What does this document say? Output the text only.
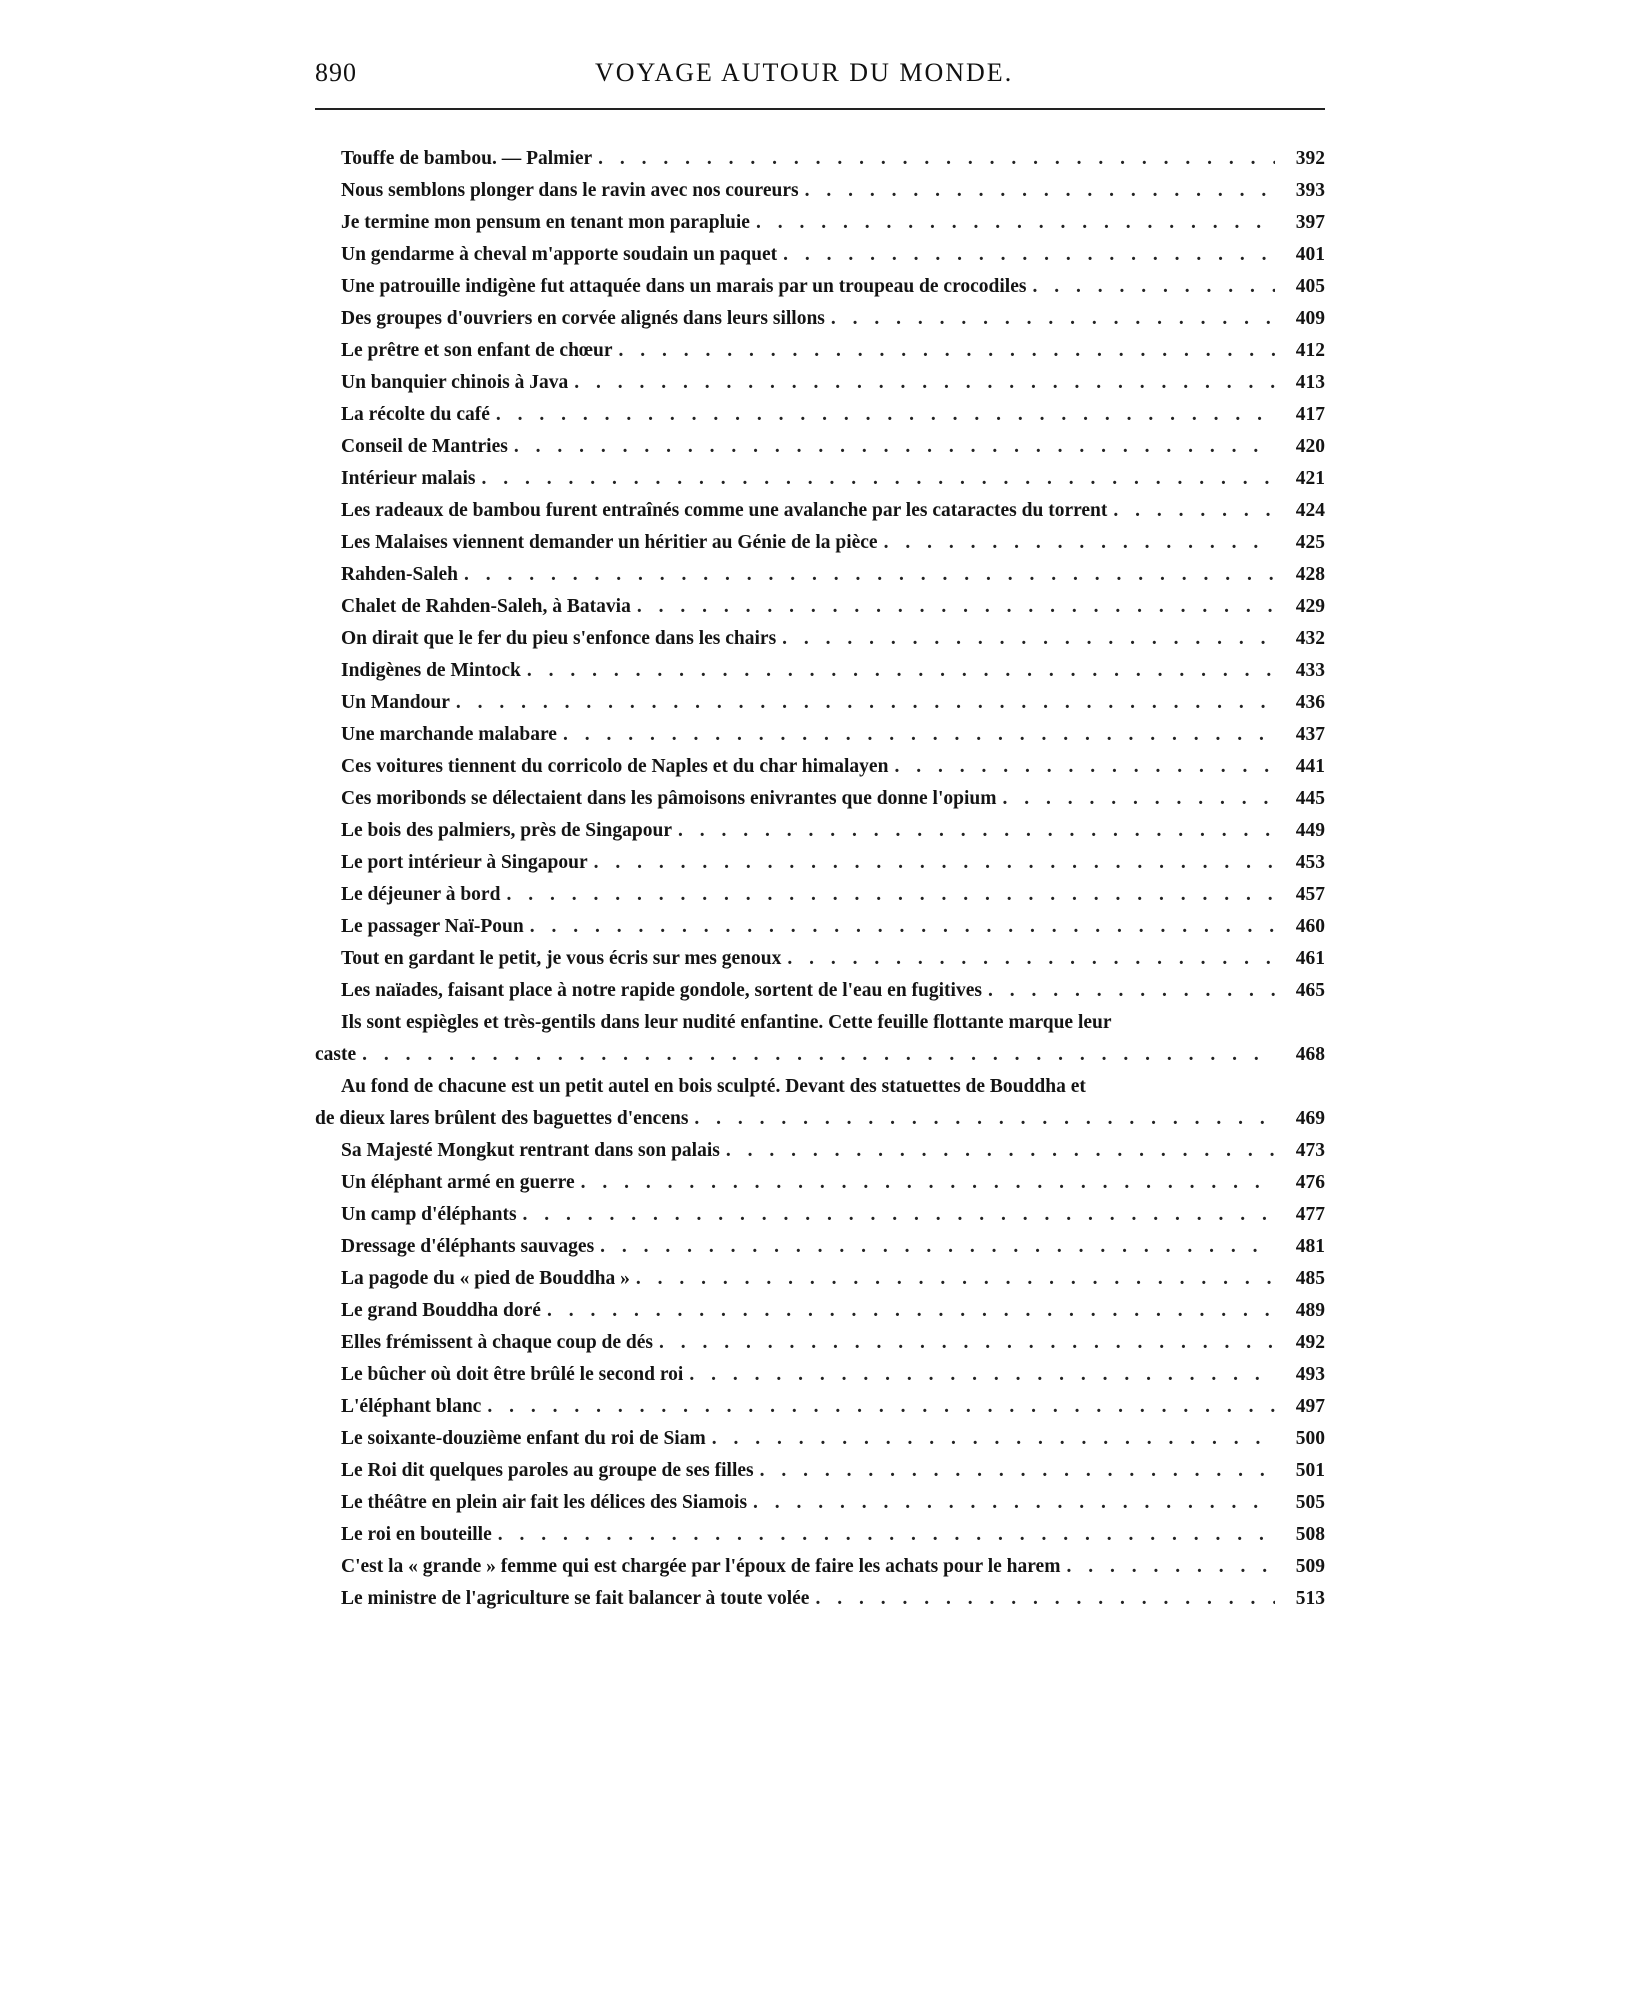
890	VOYAGE AUTOUR DU MONDE.
Touffe de bambou. — Palmier . . .	392
Nous semblons plonger dans le ravin avec nos coureurs . . .	393
Je termine mon pensum en tenant mon parapluie . . .	397
Un gendarme à cheval m'apporte soudain un paquet . . .	401
Une patrouille indigène fut attaquée dans un marais par un troupeau de crocodiles . . .	405
Des groupes d'ouvriers en corvée alignés dans leurs sillons . . .	409
Le prêtre et son enfant de chœur . . .	412
Un banquier chinois à Java . . .	413
La récolte du café . . .	417
Conseil de Mantries . . .	420
Intérieur malais . . .	421
Les radeaux de bambou furent entraînés comme une avalanche par les cataractes du torrent . . .	424
Les Malaises viennent demander un héritier au Génie de la pièce . . .	425
Rahden-Saleh . . .	428
Chalet de Rahden-Saleh, à Batavia . . .	429
On dirait que le fer du pieu s'enfonce dans les chairs . . .	432
Indigènes de Mintock . . .	433
Un Mandour . . .	436
Une marchande malabare . . .	437
Ces voitures tiennent du corricolo de Naples et du char himalayen . . .	441
Ces moribonds se délectaient dans les pâmoisons enivrantes que donne l'opium . . .	445
Le bois des palmiers, près de Singapour . . .	449
Le port intérieur à Singapour . . .	453
Le déjeuner à bord . . .	457
Le passager Naï-Poun . . .	460
Tout en gardant le petit, je vous écris sur mes genoux . . .	461
Les naïades, faisant place à notre rapide gondole, sortent de l'eau en fugitives . . .	465
Ils sont espiègles et très-gentils dans leur nudité enfantine. Cette feuille flottante marque leur
caste . . .	468
Au fond de chacune est un petit autel en bois sculpté. Devant des statuettes de Bouddha et
de dieux lares brûlent des baguettes d'encens . . .	469
Sa Majesté Mongkut rentrant dans son palais . . .	473
Un éléphant armé en guerre . . .	476
Un camp d'éléphants . . .	477
Dressage d'éléphants sauvages . . .	481
La pagode du « pied de Bouddha » . . .	485
Le grand Bouddha doré . . .	489
Elles frémissent à chaque coup de dés . . .	492
Le bûcher où doit être brûlé le second roi . . .	493
L'éléphant blanc . . .	497
Le soixante-douzième enfant du roi de Siam . . .	500
Le Roi dit quelques paroles au groupe de ses filles . . .	501
Le théâtre en plein air fait les délices des Siamois . . .	505
Le roi en bouteille . . .	508
C'est la « grande » femme qui est chargée par l'époux de faire les achats pour le harem . . .	509
Le ministre de l'agriculture se fait balancer à toute volée . . .	513
